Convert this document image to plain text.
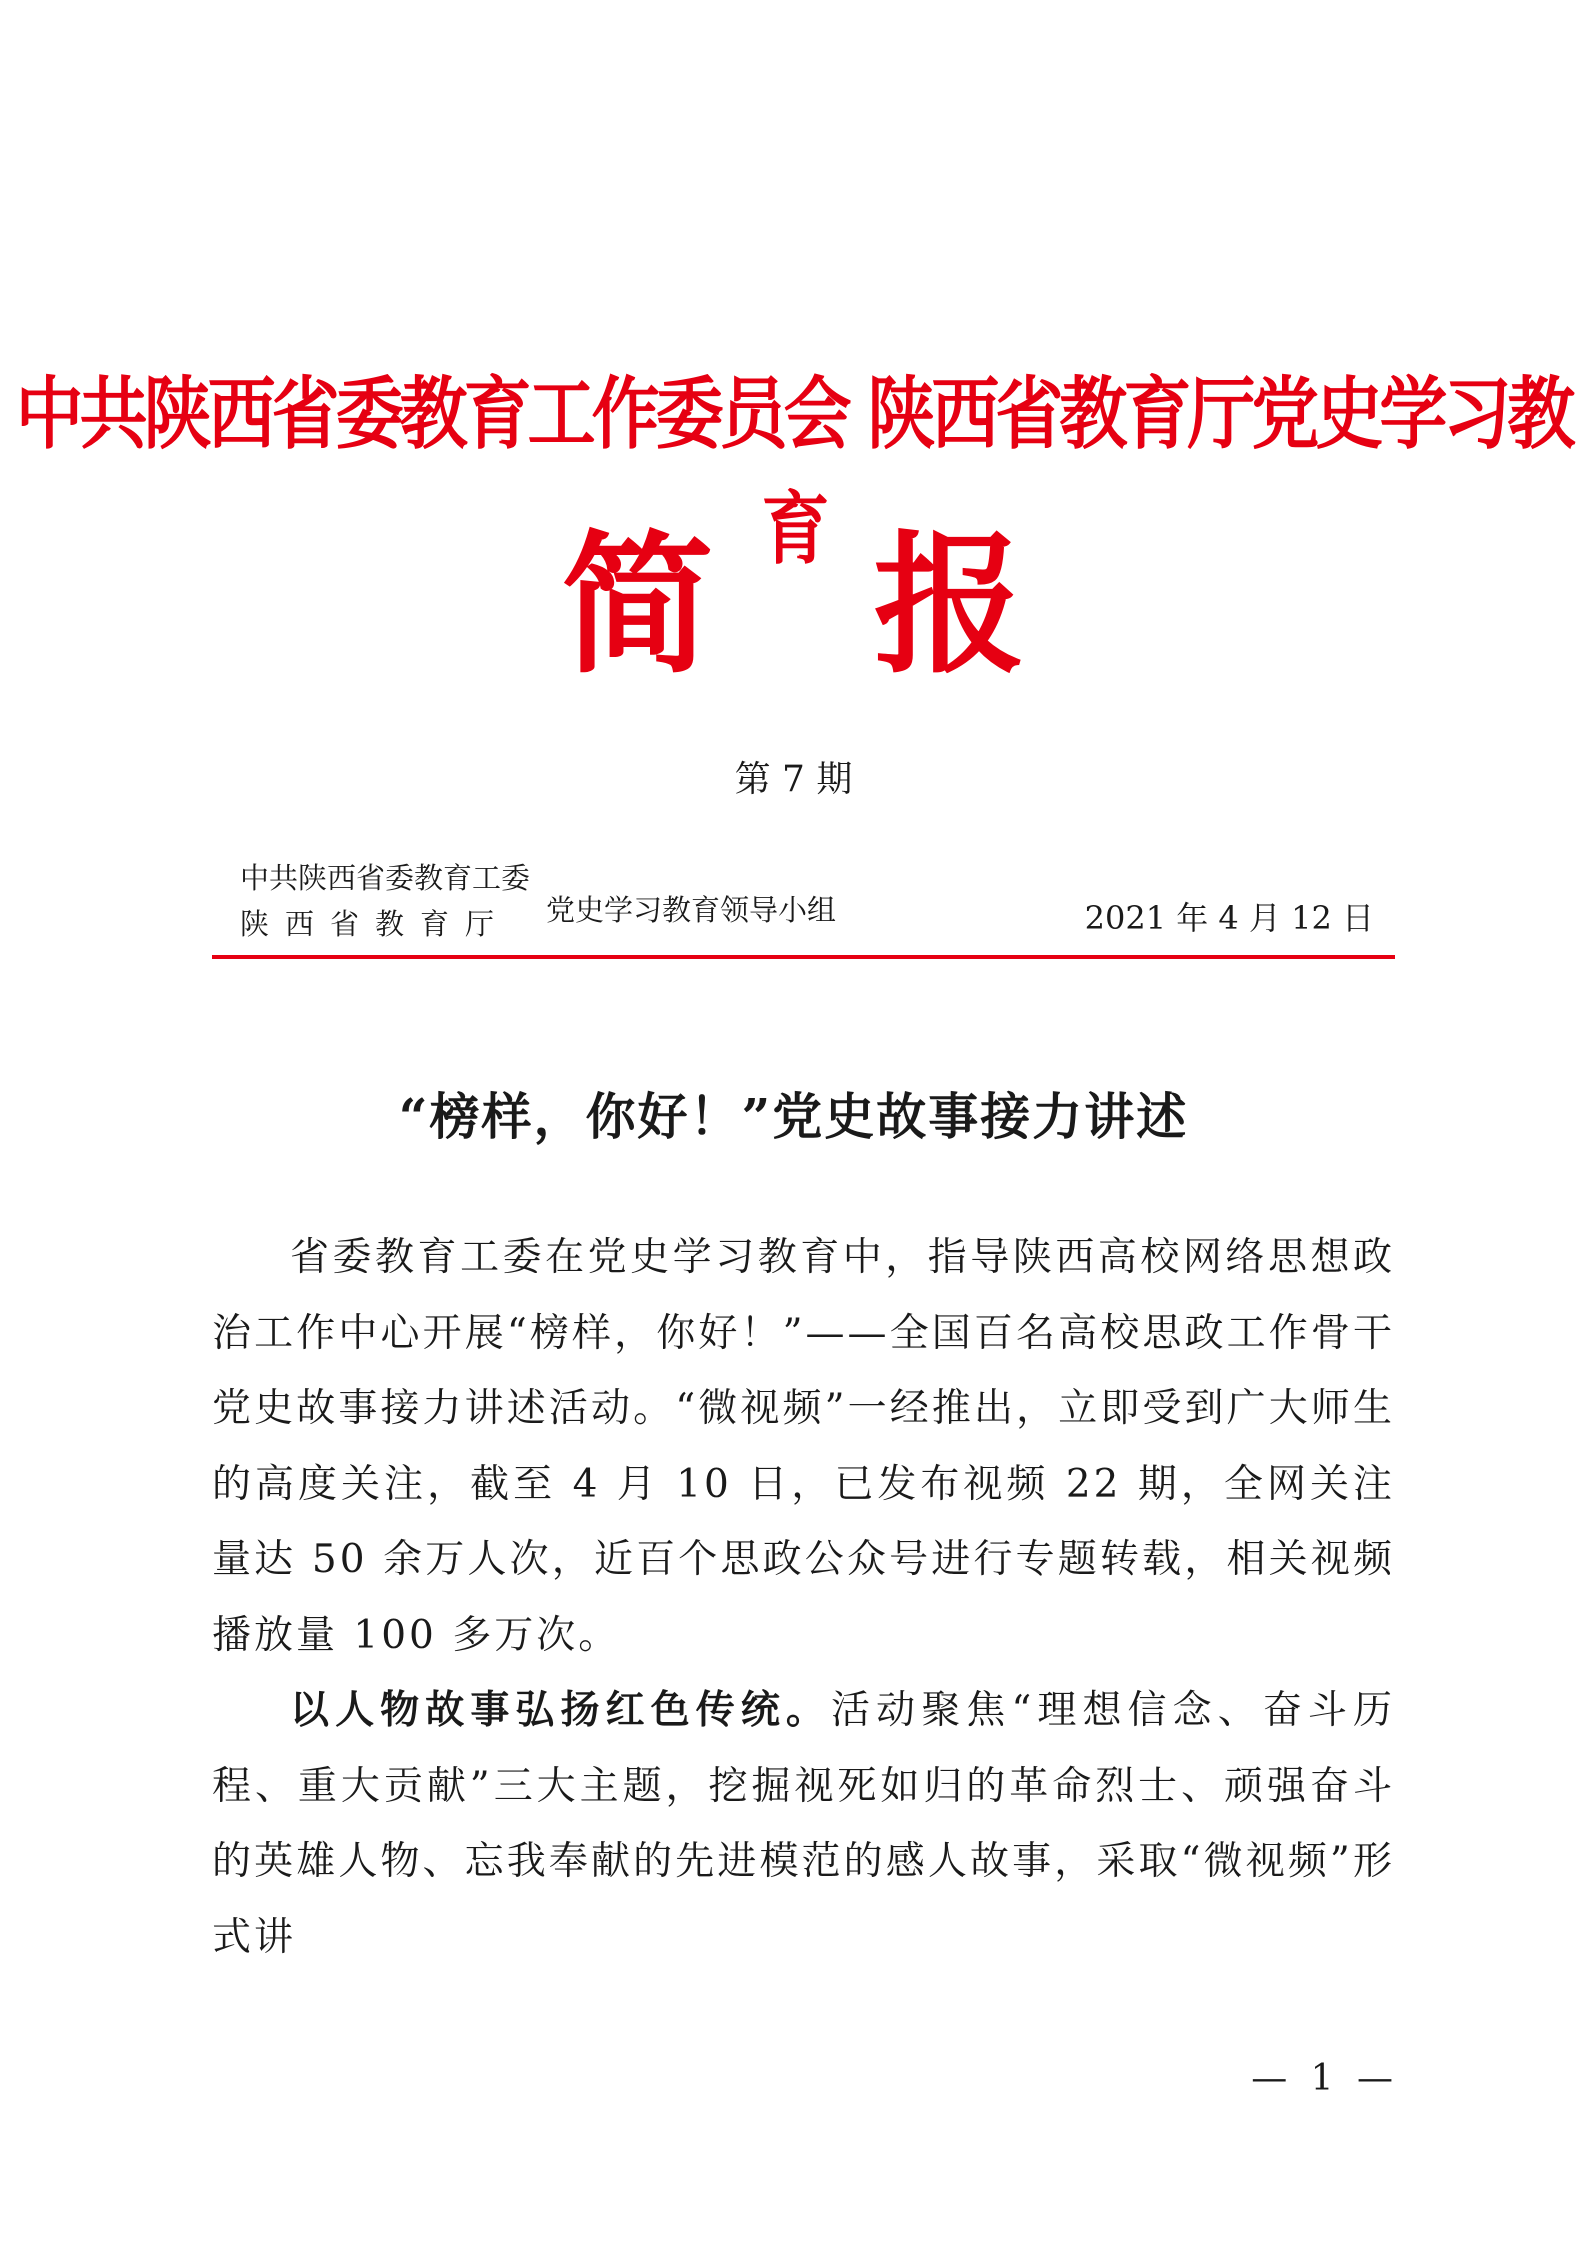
中共陕西省委教育工作委员会 陕西省教育厅党史学习教育
简 报
第 7 期
中共陕西省委教育工委
陕西省教育厅	党史学习教育领导小组	2021 年 4 月 12 日
“榜样，你好！”党史故事接力讲述

省委教育工委在党史学习教育中，指导陕西高校网络思想政治工作中心开展“榜样，你好！”——全国百名高校思政工作骨干党史故事接力讲述活动。“微视频”一经推出，立即受到广大师生的高度关注，截至 4 月 10 日，已发布视频 22 期，全网关注量达 50 余万人次，近百个思政公众号进行专题转载，相关视频播放量 100 多万次。

以人物故事弘扬红色传统。活动聚焦“理想信念、奋斗历程、重大贡献”三大主题，挖掘视死如归的革命烈士、顽强奋斗的英雄人物、忘我奉献的先进模范的感人故事，采取“微视频”形式讲

— 1 —
